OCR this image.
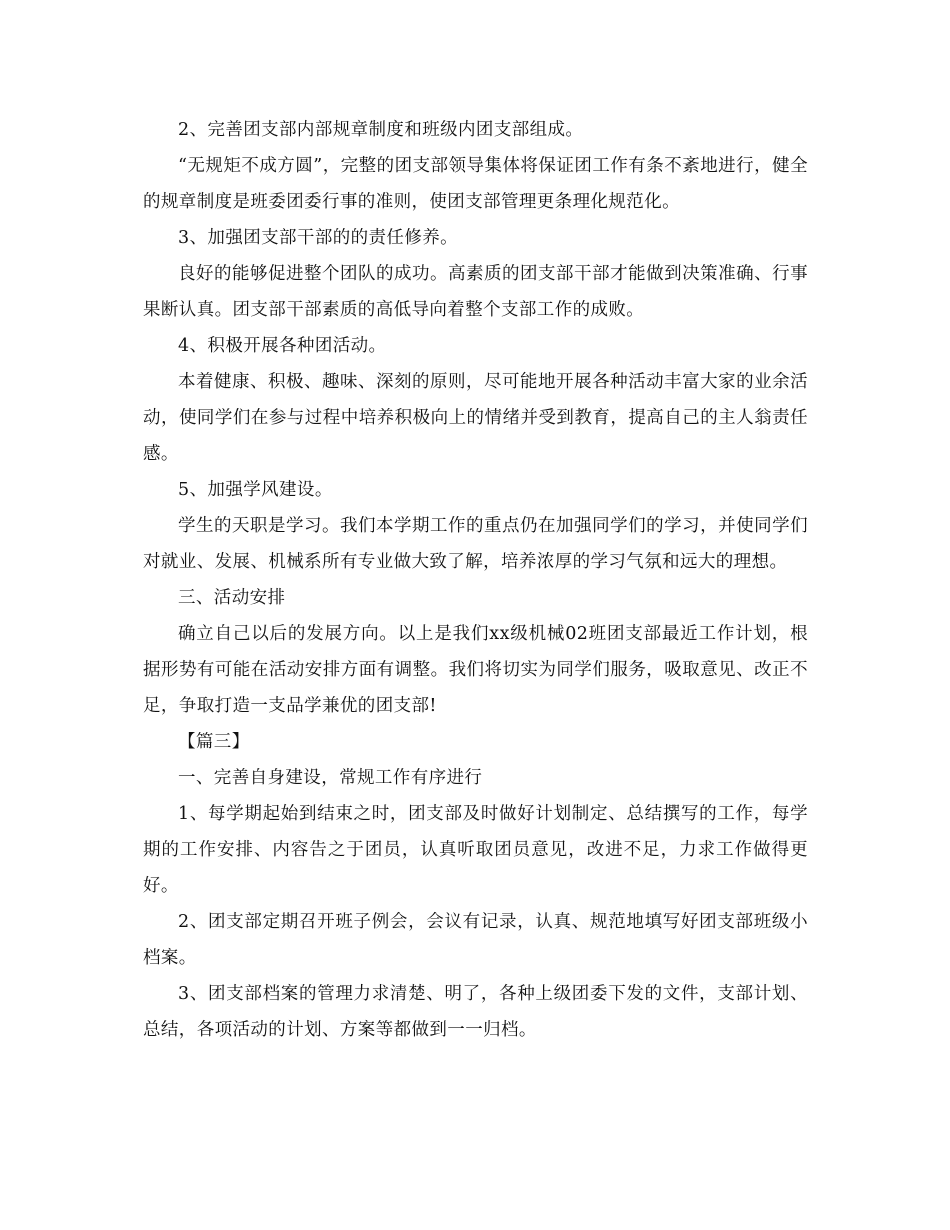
2、完善团支部内部规章制度和班级内团支部组成。

“无规矩不成方圆”，完整的团支部领导集体将保证团工作有条不紊地进行，健全的规章制度是班委团委行事的准则，使团支部管理更条理化规范化。

3、加强团支部干部的的责任修养。

良好的能够促进整个团队的成功。高素质的团支部干部才能做到决策准确、行事果断认真。团支部干部素质的高低导向着整个支部工作的成败。

4、积极开展各种团活动。

本着健康、积极、趣味、深刻的原则，尽可能地开展各种活动丰富大家的业余活动，使同学们在参与过程中培养积极向上的情绪并受到教育，提高自己的主人翁责任感。

5、加强学风建设。

学生的天职是学习。我们本学期工作的重点仍在加强同学们的学习，并使同学们对就业、发展、机械系所有专业做大致了解，培养浓厚的学习气氛和远大的理想。

三、活动安排

确立自己以后的发展方向。以上是我们xx级机械02班团支部最近工作计划，根据形势有可能在活动安排方面有调整。我们将切实为同学们服务，吸取意见、改正不足，争取打造一支品学兼优的团支部!

【篇三】

一、完善自身建设，常规工作有序进行

1、每学期起始到结束之时，团支部及时做好计划制定、总结撰写的工作，每学期的工作安排、内容告之于团员，认真听取团员意见，改进不足，力求工作做得更好。

2、团支部定期召开班子例会，会议有记录，认真、规范地填写好团支部班级小档案。

3、团支部档案的管理力求清楚、明了，各种上级团委下发的文件，支部计划、总结，各项活动的计划、方案等都做到一一归档。
